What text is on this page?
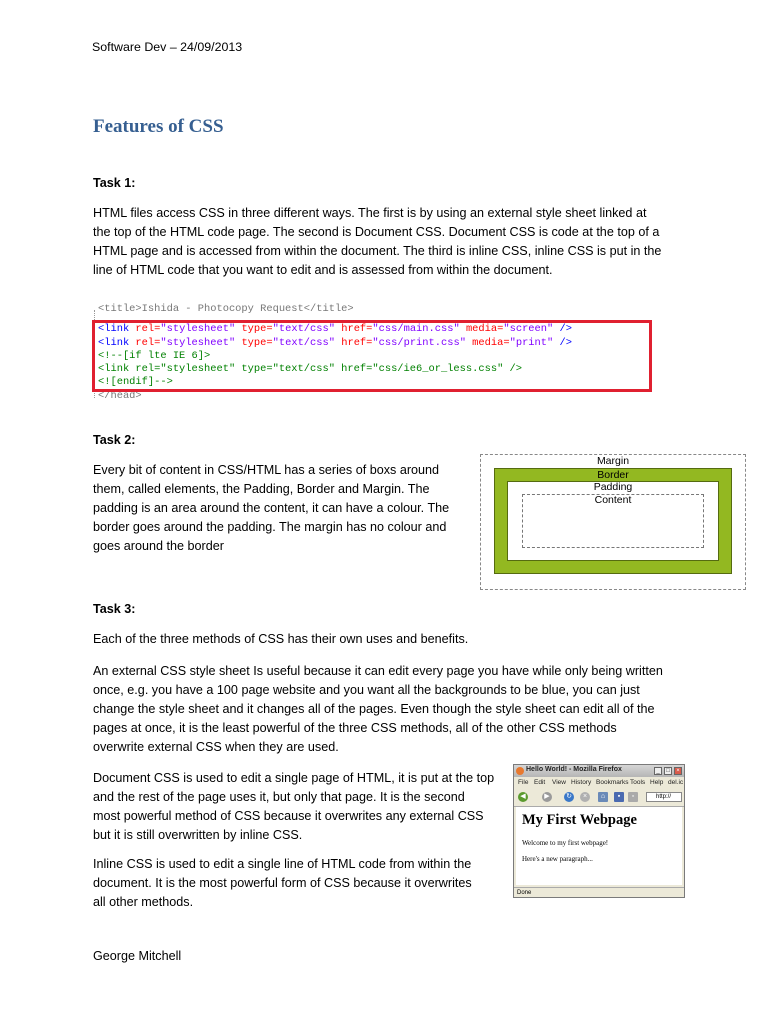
Software Dev – 24/09/2013
Features of CSS
Task 1:
HTML files access CSS in three different ways. The first is by using an external style sheet linked at
the top of the HTML code page. The second is Document CSS. Document CSS is code at the top of a
HTML page and is accessed from within the document. The third is inline CSS, inline CSS is put in the
line of HTML code that you want to edit and is assessed from within the document.
<title>Ishida - Photocopy Request</title>
<link rel="stylesheet" type="text/css" href="css/main.css" media="screen" />
<link rel="stylesheet" type="text/css" href="css/print.css" media="print" />
<!--[if lte IE 6]>
<link rel="stylesheet" type="text/css" href="css/ie6_or_less.css" />
<![endif]-->
</head>
Task 2:
Every bit of content in CSS/HTML has a series of boxs around
them, called elements, the Padding, Border and Margin. The
padding is an area around the content, it can have a colour. The
border goes around the padding. The margin has no colour and
goes around the border
Margin
Border
Padding
Content
Task 3:
Each of the three methods of CSS has their own uses and benefits.
An external CSS style sheet Is useful because it can edit every page you have while only being written
once, e.g. you have a 100 page website and you want all the backgrounds to be blue, you can just
change the style sheet and it changes all of the pages. Even though the style sheet can edit all of the
pages at once, it is the least powerful of the three CSS methods, all of the other CSS methods
overwrite external CSS when they are used.
Document CSS is used to edit a single page of HTML, it is put at the top
and the rest of the page uses it, but only that page. It is the second
most powerful method of CSS because it overwrites any external CSS
but it is still overwritten by inline CSS.
Inline CSS is used to edit a single line of HTML code from within the
document. It is the most powerful form of CSS because it overwrites
all other methods.
Hello World! - Mozilla Firefox	_	□	×
File Edit View History Bookmarks Tools Help del.ic
◀	▶	↻	×	⌂	▪	▫	http://
My First Webpage
Welcome to my first webpage!
Here's a new paragraph...
Done
George Mitchell
